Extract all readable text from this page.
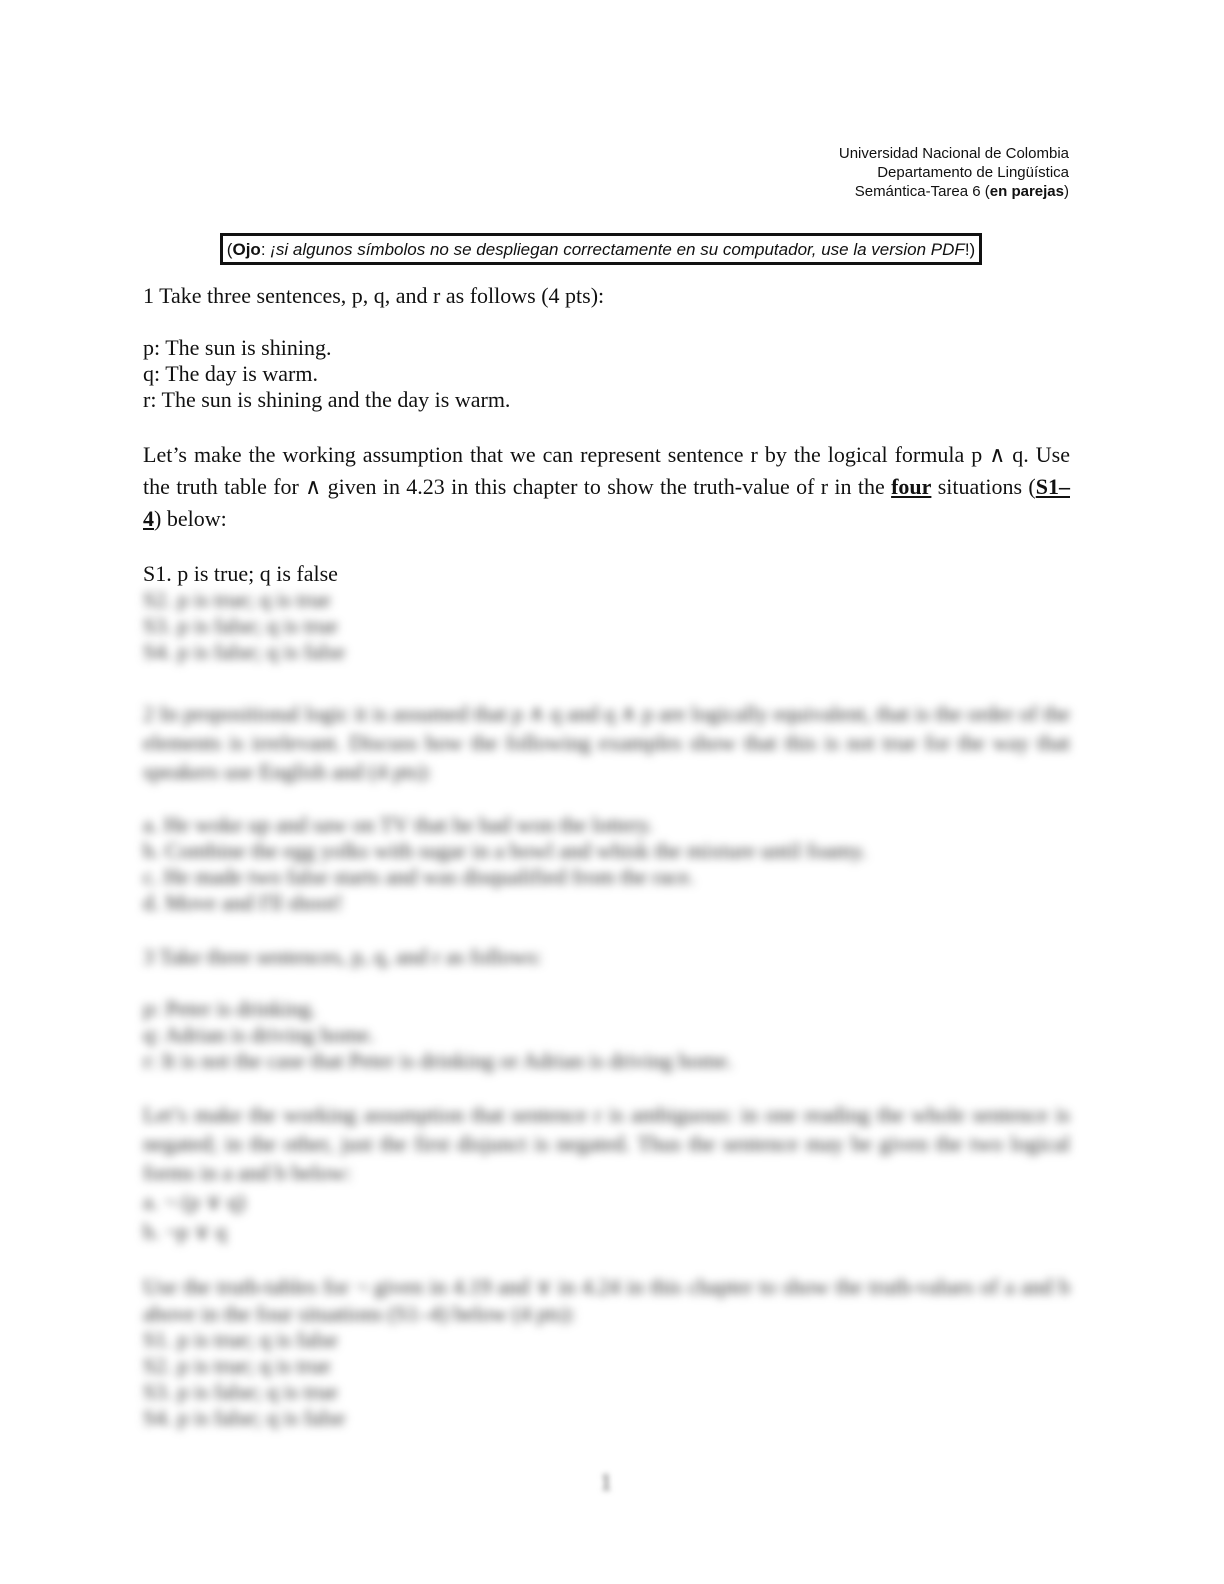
Universidad Nacional de Colombia
Departamento de Lingüística
Semántica-Tarea 6 (en parejas)
(Ojo: ¡si algunos símbolos no se despliegan correctamente en su computador, use la version PDF!)

1 Take three sentences, p, q, and r as follows (4 pts):

p: The sun is shining.

q: The day is warm.

r: The sun is shining and the day is warm.

Let’s make the working assumption that we can represent sentence r by the logical formula p ∧ q. Use the truth table for ∧ given in 4.23 in this chapter to show the truth-value of r in the four situations (S1–4) below:

S1. p is true; q is false

S2. p is true; q is true

S3. p is false; q is true

S4. p is false; q is false

2 In propositional logic it is assumed that p ∧ q and q ∧ p are logically equivalent, that is the order of the elements is irrelevant. Discuss how the following examples show that this is not true for the way that speakers use English and (4 pts):

a. He woke up and saw on TV that he had won the lottery.

b. Combine the egg yolks with sugar in a bowl and whisk the mixture until foamy.

c. He made two false starts and was disqualified from the race.

d. Move and I'll shoot!

3 Take three sentences, p, q, and r as follows:

p: Peter is drinking.

q: Adrian is driving home.

r: It is not the case that Peter is drinking or Adrian is driving home.

Let’s make the working assumption that sentence r is ambiguous: in one reading the whole sentence is negated; in the other, just the first disjunct is negated. Thus the sentence may be given the two logical forms in a and b below:

a. ¬ (p ∨ q)

b. ¬p ∨ q

Use the truth-tables for ¬ given in 4.19 and ∨ in 4.24 in this chapter to show the truth-values of a and b above in the four situations (S1–4) below (4 pts):

S1. p is true; q is false

S2. p is true; q is true

S3. p is false; q is true

S4. p is false; q is false

1
